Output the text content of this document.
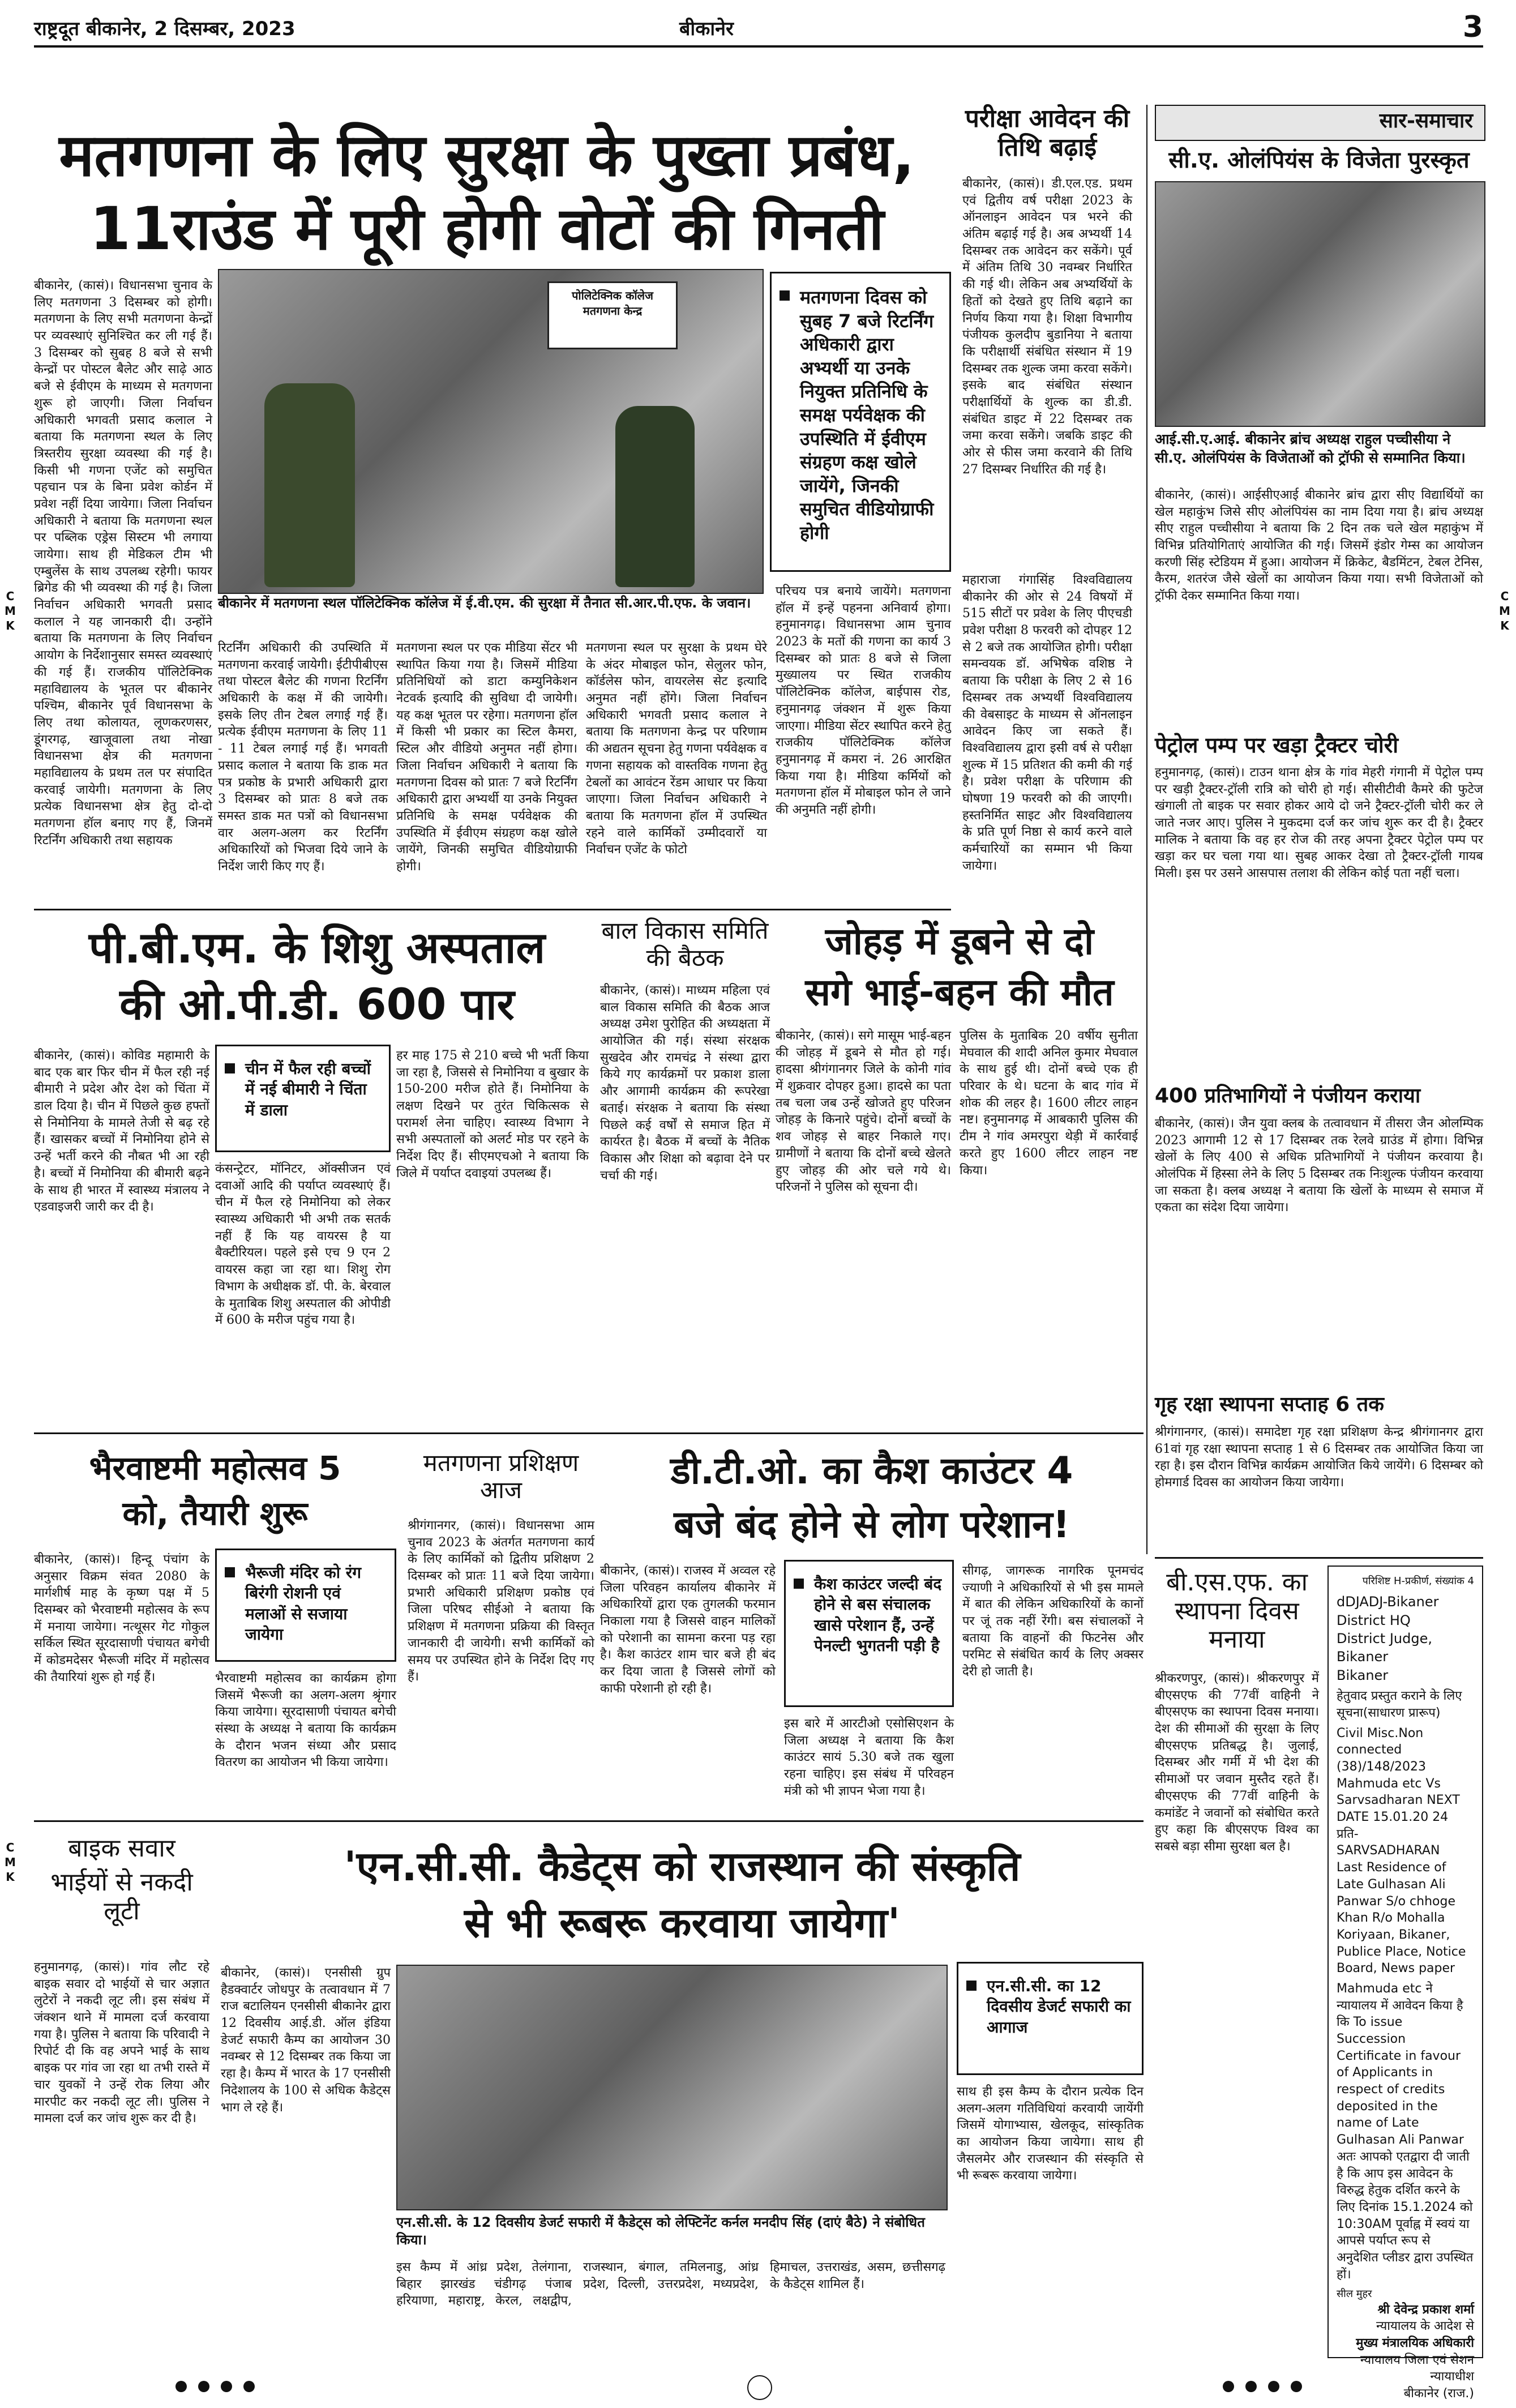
राष्ट्रदूत बीकानेर, 2 दिसम्बर, 2023	बीकानेर	3
C
M
K
C
M
K
C
M
K
मतगणना के लिए सुरक्षा के पुख्ता प्रबंध,
11राउंड में पूरी होगी वोटों की गिनती
बीकानेर, (कासं)। विधानसभा चुनाव के लिए मतगणना 3 दिसम्बर को होगी। मतगणना के लिए सभी मतगणना केन्द्रों पर व्यवस्थाएं सुनिश्चित कर ली गई हैं। 3 दिसम्बर को सुबह 8 बजे से सभी केन्द्रों पर पोस्टल बैलेट और साढ़े आठ बजे से ईवीएम के माध्यम से मतगणना शुरू हो जाएगी। जिला निर्वाचन अधिकारी भगवती प्रसाद कलाल ने बताया कि मतगणना स्थल के लिए त्रिस्तरीय सुरक्षा व्यवस्था की गई है। किसी भी गणना एजेंट को समुचित पहचान पत्र के बिना प्रवेश कोर्डन में प्रवेश नहीं दिया जायेगा। जिला निर्वाचन अधिकारी ने बताया कि मतगणना स्थल पर पब्लिक एड्रेस सिस्टम भी लगाया जायेगा। साथ ही मेडिकल टीम भी एम्बुलेंस के साथ उपलब्ध रहेगी। फायर ब्रिगेड की भी व्यवस्था की गई है। जिला निर्वाचन अधिकारी भगवती प्रसाद कलाल ने यह जानकारी दी। उन्होंने बताया कि मतगणना के लिए निर्वाचन आयोग के निर्देशानुसार समस्त व्यवस्थाएं की गई हैं। राजकीय पॉलिटेक्निक महाविद्यालय के भूतल पर बीकानेर पश्चिम, बीकानेर पूर्व विधानसभा के लिए तथा कोलायत, लूणकरणसर, डूंगरगढ़, खाजूवाला तथा नोखा विधानसभा क्षेत्र की मतगणना महाविद्यालय के प्रथम तल पर संपादित करवाई जायेगी। मतगणना के लिए प्रत्येक विधानसभा क्षेत्र हेतु दो-दो मतगणना हॉल बनाए गए हैं, जिनमें रिटर्निंग अधिकारी तथा सहायक
पोलिटेक्निक कॉलेज मतगणना केन्द्र
बीकानेर में मतगणना स्थल पॉलिटेक्निक कॉलेज में ई.वी.एम. की सुरक्षा में तैनात सी.आर.पी.एफ. के जवान।
मतगणना दिवस को सुबह 7 बजे रिटर्निंग अधिकारी द्वारा अभ्यर्थी या उनके नियुक्त प्रतिनिधि के समक्ष पर्यवेक्षक की उपस्थिति में ईवीएम संग्रहण कक्ष खोले जायेंगे, जिनकी समुचित वीडियोग्राफी होगी
रिटर्निंग अधिकारी की उपस्थिति में मतगणना करवाई जायेगी। ईटीपीबीएस तथा पोस्टल बैलेट की गणना रिटर्निंग अधिकारी के कक्ष में की जायेगी। इसके लिए तीन टेबल लगाई गई हैं। प्रत्येक ईवीएम मतगणना के लिए 11 - 11 टेबल लगाई गई हैं। भगवती प्रसाद कलाल ने बताया कि डाक मत पत्र प्रकोष्ठ के प्रभारी अधिकारी द्वारा 3 दिसम्बर को प्रातः 8 बजे तक समस्त डाक मत पत्रों को विधानसभा वार अलग-अलग कर रिटर्निंग अधिकारियों को भिजवा दिये जाने के निर्देश जारी किए गए हैं।
मतगणना स्थल पर एक मीडिया सेंटर भी स्थापित किया गया है। जिसमें मीडिया प्रतिनिधियों को डाटा कम्युनिकेशन नेटवर्क इत्यादि की सुविधा दी जायेगी। यह कक्ष भूतल पर रहेगा। मतगणना हॉल में किसी भी प्रकार का स्टिल कैमरा, स्टिल और वीडियो अनुमत नहीं होगा। जिला निर्वाचन अधिकारी ने बताया कि मतगणना दिवस को प्रातः 7 बजे रिटर्निंग अधिकारी द्वारा अभ्यर्थी या उनके नियुक्त प्रतिनिधि के समक्ष पर्यवेक्षक की उपस्थिति में ईवीएम संग्रहण कक्ष खोले जायेंगे, जिनकी समुचित वीडियोग्राफी होगी।
मतगणना स्थल पर सुरक्षा के प्रथम घेरे के अंदर मोबाइल फोन, सेलुलर फोन, कॉर्डलेस फोन, वायरलेस सेट इत्यादि अनुमत नहीं होंगे। जिला निर्वाचन अधिकारी भगवती प्रसाद कलाल ने बताया कि मतगणना केन्द्र पर परिणाम की अद्यतन सूचना हेतु गणना पर्यवेक्षक व गणना सहायक को वास्तविक गणना हेतु टेबलों का आवंटन रेंडम आधार पर किया जाएगा। जिला निर्वाचन अधिकारी ने बताया कि मतगणना हॉल में उपस्थित रहने वाले कार्मिकों उम्मीदवारों या निर्वाचन एजेंट के फोटो
परिचय पत्र बनाये जायेंगे। मतगणना हॉल में इन्हें पहनना अनिवार्य होगा। हनुमानगढ़। विधानसभा आम चुनाव 2023 के मतों की गणना का कार्य 3 दिसम्बर को प्रातः 8 बजे से जिला मुख्यालय पर स्थित राजकीय पॉलिटेक्निक कॉलेज, बाईपास रोड, हनुमानगढ़ जंक्शन में शुरू किया जाएगा। मीडिया सेंटर स्थापित करने हेतु राजकीय पॉलिटेक्निक कॉलेज हनुमानगढ़ में कमरा नं. 26 आरक्षित किया गया है। मीडिया कर्मियों को मतगणना हॉल में मोबाइल फोन ले जाने की अनुमति नहीं होगी।
परीक्षा आवेदन की तिथि बढ़ाई
बीकानेर, (कासं)। डी.एल.एड. प्रथम एवं द्वितीय वर्ष परीक्षा 2023 के ऑनलाइन आवेदन पत्र भरने की अंतिम बढ़ाई गई है। अब अभ्यर्थी 14 दिसम्बर तक आवेदन कर सकेंगे। पूर्व में अंतिम तिथि 30 नवम्बर निर्धारित की गई थी। लेकिन अब अभ्यर्थियों के हितों को देखते हुए तिथि बढ़ाने का निर्णय किया गया है। शिक्षा विभागीय पंजीयक कुलदीप बुडानिया ने बताया कि परीक्षार्थी संबंधित संस्थान में 19 दिसम्बर तक शुल्क जमा करवा सकेंगे। इसके बाद संबंधित संस्थान परीक्षार्थियों के शुल्क का डी.डी. संबंधित डाइट में 22 दिसम्बर तक जमा करवा सकेंगे। जबकि डाइट की ओर से फीस जमा करवाने की तिथि 27 दिसम्बर निर्धारित की गई है।
महाराजा गंगासिंह विश्वविद्यालय बीकानेर की ओर से 24 विषयों में 515 सीटों पर प्रवेश के लिए पीएचडी प्रवेश परीक्षा 8 फरवरी को दोपहर 12 से 2 बजे तक आयोजित होगी। परीक्षा समन्वयक डॉ. अभिषेक वशिष्ठ ने बताया कि परीक्षा के लिए 2 से 16 दिसम्बर तक अभ्यर्थी विश्वविद्यालय की वेबसाइट के माध्यम से ऑनलाइन आवेदन किए जा सकते हैं। विश्वविद्यालय द्वारा इसी वर्ष से परीक्षा शुल्क में 15 प्रतिशत की कमी की गई है। प्रवेश परीक्षा के परिणाम की घोषणा 19 फरवरी को की जाएगी। हस्तनिर्मित साइट और विश्वविद्यालय के प्रति पूर्ण निष्ठा से कार्य करने वाले कर्मचारियों का सम्मान भी किया जायेगा।
सार-समाचार
सी.ए. ओलंपियंस के विजेता पुरस्कृत
आई.सी.ए.आई. बीकानेर ब्रांच अध्यक्ष राहुल पच्चीसीया ने सी.ए. ओलंपियंस के विजेताओं को ट्रॉफी से सम्मानित किया।
बीकानेर, (कासं)। आईसीएआई बीकानेर ब्रांच द्वारा सीए विद्यार्थियों का खेल महाकुंभ जिसे सीए ओलंपियंस का नाम दिया गया है। ब्रांच अध्यक्ष सीए राहुल पच्चीसीया ने बताया कि 2 दिन तक चले खेल महाकुंभ में विभिन्न प्रतियोगिताएं आयोजित की गई। जिसमें इंडोर गेम्स का आयोजन करणी सिंह स्टेडियम में हुआ। आयोजन में क्रिकेट, बैडमिंटन, टेबल टेनिस, कैरम, शतरंज जैसे खेलों का आयोजन किया गया। सभी विजेताओं को ट्रॉफी देकर सम्मानित किया गया।
पेट्रोल पम्प पर खड़ा ट्रैक्टर चोरी
हनुमानगढ़, (कासं)। टाउन थाना क्षेत्र के गांव मेहरी गंगानी में पेट्रोल पम्प पर खड़ी ट्रैक्टर-ट्रॉली रात्रि को चोरी हो गई। सीसीटीवी कैमरे की फुटेज खंगाली तो बाइक पर सवार होकर आये दो जने ट्रैक्टर-ट्रॉली चोरी कर ले जाते नजर आए। पुलिस ने मुकदमा दर्ज कर जांच शुरू कर दी है। ट्रैक्टर मालिक ने बताया कि वह हर रोज की तरह अपना ट्रैक्टर पेट्रोल पम्प पर खड़ा कर घर चला गया था। सुबह आकर देखा तो ट्रैक्टर-ट्रॉली गायब मिली। इस पर उसने आसपास तलाश की लेकिन कोई पता नहीं चला।
400 प्रतिभागियों ने पंजीयन कराया
बीकानेर, (कासं)। जैन युवा क्लब के तत्वावधान में तीसरा जैन ओलम्पिक 2023 आगामी 12 से 17 दिसम्बर तक रेलवे ग्राउंड में होगा। विभिन्न खेलों के लिए 400 से अधिक प्रतिभागियों ने पंजीयन करवाया है। ओलंपिक में हिस्सा लेने के लिए 5 दिसम्बर तक निःशुल्क पंजीयन करवाया जा सकता है। क्लब अध्यक्ष ने बताया कि खेलों के माध्यम से समाज में एकता का संदेश दिया जायेगा।
गृह रक्षा स्थापना सप्ताह 6 तक
श्रीगंगानगर, (कासं)। समादेष्टा गृह रक्षा प्रशिक्षण केन्द्र श्रीगंगानगर द्वारा 61वां गृह रक्षा स्थापना सप्ताह 1 से 6 दिसम्बर तक आयोजित किया जा रहा है। इस दौरान विभिन्न कार्यक्रम आयोजित किये जायेंगे। 6 दिसम्बर को होमगार्ड दिवस का आयोजन किया जायेगा।
पी.बी.एम. के शिशु अस्पताल
की ओ.पी.डी. 600 पार
बीकानेर, (कासं)। कोविड महामारी के बाद एक बार फिर चीन में फैल रही नई बीमारी ने प्रदेश और देश को चिंता में डाल दिया है। चीन में पिछले कुछ हफ्तों से निमोनिया के मामले तेजी से बढ़ रहे हैं। खासकर बच्चों में निमोनिया होने से उन्हें भर्ती करने की नौबत भी आ रही है। बच्चों में निमोनिया की बीमारी बढ़ने के साथ ही भारत में स्वास्थ्य मंत्रालय ने एडवाइजरी जारी कर दी है।
चीन में फैल रही बच्चों में नई बीमारी ने चिंता में डाला
कंसन्ट्रेटर, मॉनिटर, ऑक्सीजन एवं दवाओं आदि की पर्याप्त व्यवस्थाएं हैं। चीन में फैल रहे निमोनिया को लेकर स्वास्थ्य अधिकारी भी अभी तक सतर्क नहीं हैं कि यह वायरस है या बैक्टीरियल। पहले इसे एच 9 एन 2 वायरस कहा जा रहा था। शिशु रोग विभाग के अधीक्षक डॉ. पी. के. बेरवाल के मुताबिक शिशु अस्पताल की ओपीडी में 600 के मरीज पहुंच गया है।
हर माह 175 से 210 बच्चे भी भर्ती किया जा रहा है, जिससे से निमोनिया व बुखार के 150-200 मरीज होते हैं। निमोनिया के लक्षण दिखने पर तुरंत चिकित्सक से परामर्श लेना चाहिए। स्वास्थ्य विभाग ने सभी अस्पतालों को अलर्ट मोड पर रहने के निर्देश दिए हैं। सीएमएचओ ने बताया कि जिले में पर्याप्त दवाइयां उपलब्ध हैं।
बाल विकास समिति की बैठक
बीकानेर, (कासं)। माध्यम महिला एवं बाल विकास समिति की बैठक आज अध्यक्ष उमेश पुरोहित की अध्यक्षता में आयोजित की गई। संस्था संरक्षक सुखदेव और रामचंद्र ने संस्था द्वारा किये गए कार्यक्रमों पर प्रकाश डाला और आगामी कार्यक्रम की रूपरेखा बताई। संरक्षक ने बताया कि संस्था पिछले कई वर्षों से समाज हित में कार्यरत है। बैठक में बच्चों के नैतिक विकास और शिक्षा को बढ़ावा देने पर चर्चा की गई।
जोहड़ में डूबने से दो
सगे भाई-बहन की मौत
बीकानेर, (कासं)। सगे मासूम भाई-बहन की जोहड़ में डूबने से मौत हो गई। हादसा श्रीगंगानगर जिले के कोनी गांव में शुक्रवार दोपहर हुआ। हादसे का पता तब चला जब उन्हें खोजते हुए परिजन जोहड़ के किनारे पहुंचे। दोनों बच्चों के शव जोहड़ से बाहर निकाले गए। ग्रामीणों ने बताया कि दोनों बच्चे खेलते हुए जोहड़ की ओर चले गये थे। परिजनों ने पुलिस को सूचना दी।
पुलिस के मुताबिक 20 वर्षीय सुनीता मेघवाल की शादी अनिल कुमार मेघवाल के साथ हुई थी। दोनों बच्चे एक ही परिवार के थे। घटना के बाद गांव में शोक की लहर है। 1600 लीटर लाहन नष्ट। हनुमानगढ़ में आबकारी पुलिस की टीम ने गांव अमरपुरा थेड़ी में कार्रवाई करते हुए 1600 लीटर लाहन नष्ट किया।
भैरवाष्टमी महोत्सव 5
को, तैयारी शुरू
बीकानेर, (कासं)। हिन्दू पंचांग के अनुसार विक्रम संवत 2080 के मार्गशीर्ष माह के कृष्ण पक्ष में 5 दिसम्बर को भैरवाष्टमी महोत्सव के रूप में मनाया जायेगा। नत्थूसर गेट गोकुल सर्किल स्थित सूरदासाणी पंचायत बगेची में कोडमदेसर भैरूजी मंदिर में महोत्सव की तैयारियां शुरू हो गई हैं।
भैरूजी मंदिर को रंग बिरंगी रोशनी एवं मलाओं से सजाया जायेगा
भैरवाष्टमी महोत्सव का कार्यक्रम होगा जिसमें भैरूजी का अलग-अलग श्रृंगार किया जायेगा। सूरदासाणी पंचायत बगेची संस्था के अध्यक्ष ने बताया कि कार्यक्रम के दौरान भजन संध्या और प्रसाद वितरण का आयोजन भी किया जायेगा।
मतगणना प्रशिक्षण आज
श्रीगंगानगर, (कासं)। विधानसभा आम चुनाव 2023 के अंतर्गत मतगणना कार्य के लिए कार्मिकों को द्वितीय प्रशिक्षण 2 दिसम्बर को प्रातः 11 बजे दिया जायेगा। प्रभारी अधिकारी प्रशिक्षण प्रकोष्ठ एवं जिला परिषद सीईओ ने बताया कि प्रशिक्षण में मतगणना प्रक्रिया की विस्तृत जानकारी दी जायेगी। सभी कार्मिकों को समय पर उपस्थित होने के निर्देश दिए गए हैं।
डी.टी.ओ. का कैश काउंटर 4
बजे बंद होने से लोग परेशान!
बीकानेर, (कासं)। राजस्व में अव्वल रहे जिला परिवहन कार्यालय बीकानेर में अधिकारियों द्वारा एक तुगलकी फरमान निकाला गया है जिससे वाहन मालिकों को परेशानी का सामना करना पड़ रहा है। कैश काउंटर शाम चार बजे ही बंद कर दिया जाता है जिससे लोगों को काफी परेशानी हो रही है।
कैश काउंटर जल्दी बंद होने से बस संचालक खासे परेशान हैं, उन्हें पेनल्टी भुगतनी पड़ी है
इस बारे में आरटीओ एसोसिएशन के जिला अध्यक्ष ने बताया कि कैश काउंटर सायं 5.30 बजे तक खुला रहना चाहिए। इस संबंध में परिवहन मंत्री को भी ज्ञापन भेजा गया है।
सीगढ़, जागरूक नागरिक पूनमचंद ज्याणी ने अधिकारियों से भी इस मामले में बात की लेकिन अधिकारियों के कानों पर जूं तक नहीं रेंगी। बस संचालकों ने बताया कि वाहनों की फिटनेस और परमिट से संबंधित कार्य के लिए अक्सर देरी हो जाती है।
बी.एस.एफ. का स्थापना दिवस मनाया
श्रीकरणपुर, (कासं)। श्रीकरणपुर में बीएसएफ की 77वीं वाहिनी ने बीएसएफ का स्थापना दिवस मनाया। देश की सीमाओं की सुरक्षा के लिए बीएसएफ प्रतिबद्ध है। जुलाई, दिसम्बर और गर्मी में भी देश की सीमाओं पर जवान मुस्तैद रहते हैं। बीएसएफ की 77वीं वाहिनी के कमांडेंट ने जवानों को संबोधित करते हुए कहा कि बीएसएफ विश्व का सबसे बड़ा सीमा सुरक्षा बल है।
परिशिष्ट H-प्रकीर्ण, संख्यांक 4
dDJADJ-Bikaner District HQ
District Judge, Bikaner
Bikaner
हेतुवाद प्रस्तुत कराने के लिए सूचना(साधारण प्रारूप)
Civil Misc.Non connected (38)/148/2023 Mahmuda etc Vs Sarvsadharan NEXT DATE 15.01.20 24
प्रति-
SARVSADHARAN
Last Residence of Late Gulhasan Ali Panwar S/o chhoge Khan R/o Mohalla Koriyaan, Bikaner, Publice Place, Notice Board, News paper
Mahmuda etc ने न्यायालय में आवेदन किया है कि To issue Succession Certificate in favour of Applicants in respect of credits deposited in the name of Late Gulhasan Ali Panwar अतः आपको एतद्वारा दी जाती है कि आप इस आवेदन के विरुद्ध हेतुक दर्शित करने के लिए दिनांक 15.1.2024 को 10:30AM पूर्वाह्न में स्वयं या आपसे पर्याप्त रूप से अनुदेशित प्लीडर द्वारा उपस्थित हों।
सील मुहर
श्री देवेन्द्र प्रकाश शर्मा
न्यायालय के आदेश से
मुख्य मंत्रालयिक अधिकारी
न्यायालय जिला एवं सेशन न्यायाधीश
बीकानेर (राज.)
बाइक सवार
भाईयों से नकदी लूटी
हनुमानगढ़, (कासं)। गांव लौट रहे बाइक सवार दो भाईयों से चार अज्ञात लुटेरों ने नकदी लूट ली। इस संबंध में जंक्शन थाने में मामला दर्ज करवाया गया है। पुलिस ने बताया कि परिवादी ने रिपोर्ट दी कि वह अपने भाई के साथ बाइक पर गांव जा रहा था तभी रास्ते में चार युवकों ने उन्हें रोक लिया और मारपीट कर नकदी लूट ली। पुलिस ने मामला दर्ज कर जांच शुरू कर दी है।
'एन.सी.सी. कैडेट्स को राजस्थान की संस्कृति
से भी रूबरू करवाया जायेगा'
बीकानेर, (कासं)। एनसीसी ग्रुप हैडक्वार्टर जोधपुर के तत्वावधान में 7 राज बटालियन एनसीसी बीकानेर द्वारा 12 दिवसीय आई.डी. ऑल इंडिया डेजर्ट सफारी कैम्प का आयोजन 30 नवम्बर से 12 दिसम्बर तक किया जा रहा है। कैम्प में भारत के 17 एनसीसी निदेशालय के 100 से अधिक कैडेट्स भाग ले रहे हैं।
एन.सी.सी. के 12 दिवसीय डेजर्ट सफारी में कैडेट्स को लेफ्टिनेंट कर्नल मनदीप सिंह (दाएं बैठे) ने संबोधित किया।
इस कैम्प में आंध्र प्रदेश, तेलंगाना, बिहार झारखंड चंडीगढ़ पंजाब हरियाणा, महाराष्ट्र, केरल, लक्षद्वीप, राजस्थान, बंगाल, तमिलनाडु, आंध्र प्रदेश, दिल्ली, उत्तरप्रदेश, मध्यप्रदेश, हिमाचल, उत्तराखंड, असम, छत्तीसगढ़ के कैडेट्स शामिल हैं।
एन.सी.सी. का 12 दिवसीय डेजर्ट सफारी का आगाज
साथ ही इस कैम्प के दौरान प्रत्येक दिन अलग-अलग गतिविधियां करवायी जायेंगी जिसमें योगाभ्यास, खेलकूद, सांस्कृतिक का आयोजन किया जायेगा। साथ ही जैसलमेर और राजस्थान की संस्कृति से भी रूबरू करवाया जायेगा।
